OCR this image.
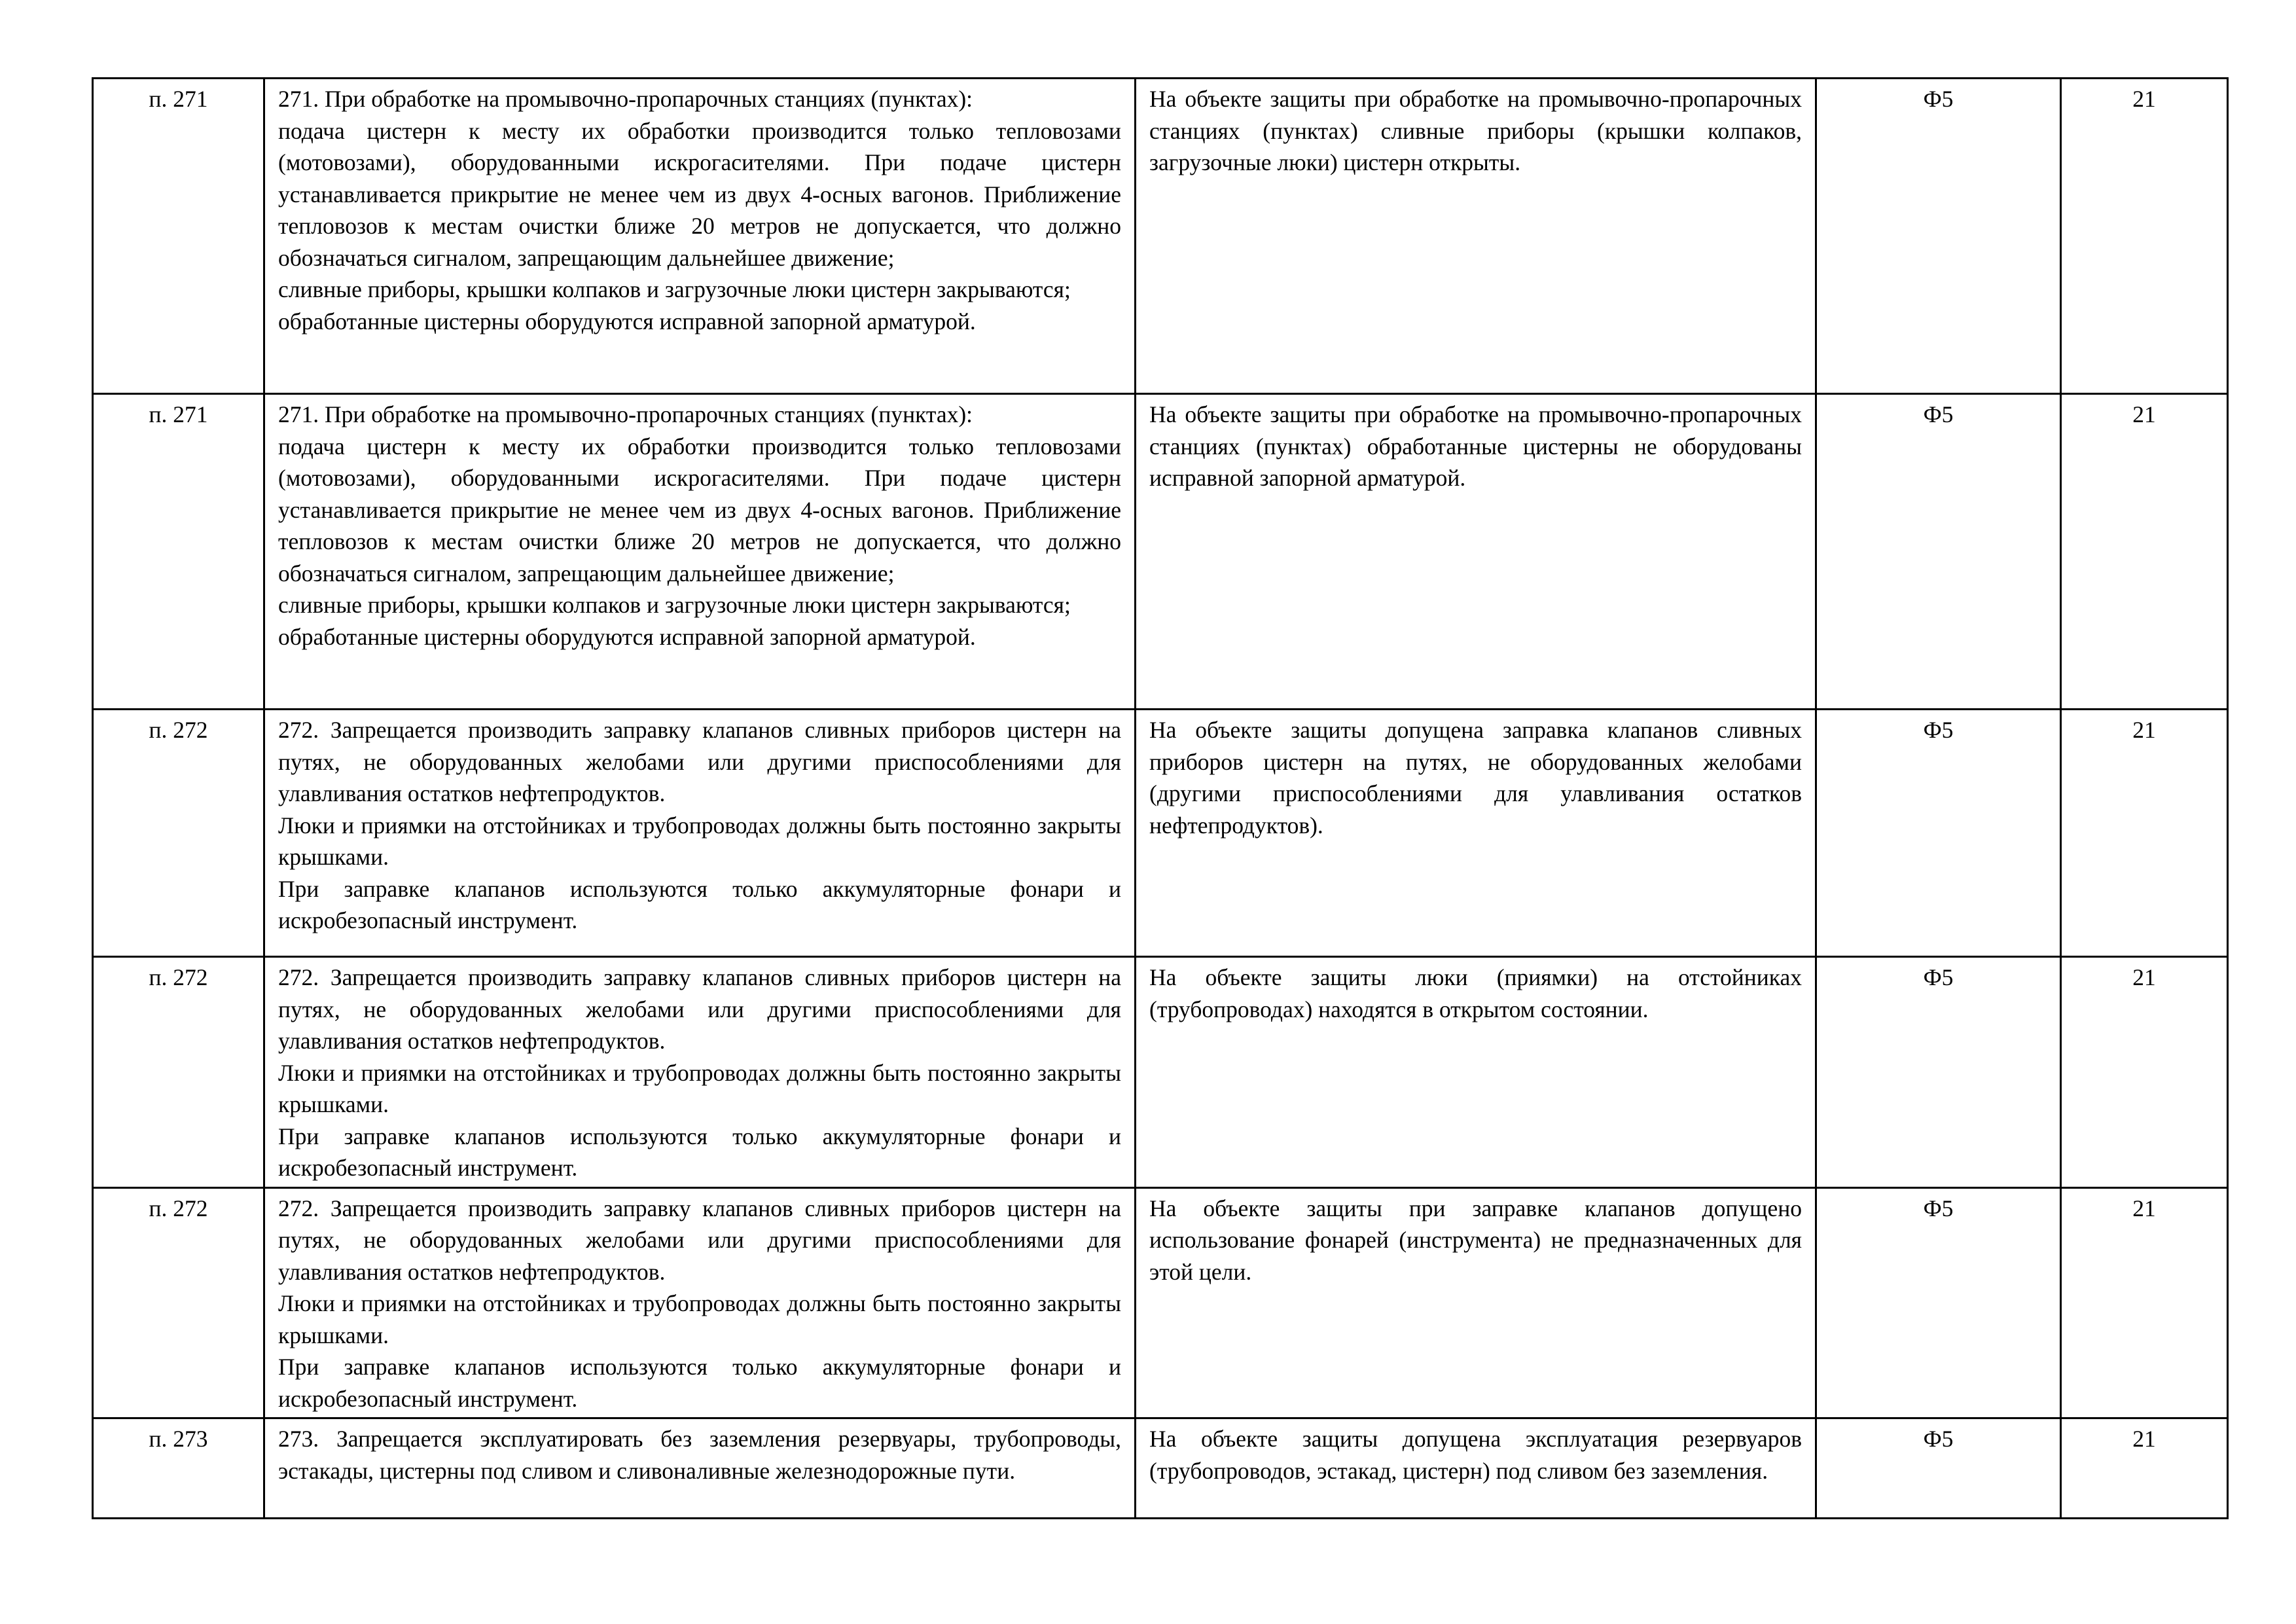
п. 271	271. При обработке на промывочно-пропарочных станциях (пунктах):
подача цистерн к месту их обработки производится только тепловозами (мотовозами), оборудованными искрогасителями. При подаче цистерн устанавливается прикрытие не менее чем из двух 4-осных вагонов. Приближение тепловозов к местам очистки ближе 20 метров не допускается, что должно обозначаться сигналом, запрещающим дальнейшее движение;
сливные приборы, крышки колпаков и загрузочные люки цистерн закрываются;
обработанные цистерны оборудуются исправной запорной арматурой.	На объекте защиты при обработке на промывочно-пропарочных станциях (пунктах) сливные приборы (крышки колпаков, загрузочные люки) цистерн открыты.	Ф5	21
п. 271	271. При обработке на промывочно-пропарочных станциях (пунктах):
подача цистерн к месту их обработки производится только тепловозами (мотовозами), оборудованными искрогасителями. При подаче цистерн устанавливается прикрытие не менее чем из двух 4-осных вагонов. Приближение тепловозов к местам очистки ближе 20 метров не допускается, что должно обозначаться сигналом, запрещающим дальнейшее движение;
сливные приборы, крышки колпаков и загрузочные люки цистерн закрываются;
обработанные цистерны оборудуются исправной запорной арматурой.	На объекте защиты при обработке на промывочно-пропарочных станциях (пунктах) обработанные цистерны не оборудованы исправной запорной арматурой.	Ф5	21
п. 272	272. Запрещается производить заправку клапанов сливных приборов цистерн на путях, не оборудованных желобами или другими приспособлениями для улавливания остатков нефтепродуктов.
Люки и приямки на отстойниках и трубопроводах должны быть постоянно закрыты крышками.
При заправке клапанов используются только аккумуляторные фонари и искробезопасный инструмент.	На объекте защиты допущена заправка клапанов сливных приборов цистерн на путях, не оборудованных желобами (другими приспособлениями для улавливания остатков нефтепродуктов).	Ф5	21
п. 272	272. Запрещается производить заправку клапанов сливных приборов цистерн на путях, не оборудованных желобами или другими приспособлениями для улавливания остатков нефтепродуктов.
Люки и приямки на отстойниках и трубопроводах должны быть постоянно закрыты крышками.
При заправке клапанов используются только аккумуляторные фонари и искробезопасный инструмент.	На объекте защиты люки (приямки) на отстойниках (трубопроводах) находятся в открытом состоянии.	Ф5	21
п. 272	272. Запрещается производить заправку клапанов сливных приборов цистерн на путях, не оборудованных желобами или другими приспособлениями для улавливания остатков нефтепродуктов.
Люки и приямки на отстойниках и трубопроводах должны быть постоянно закрыты крышками.
При заправке клапанов используются только аккумуляторные фонари и искробезопасный инструмент.	На объекте защиты при заправке клапанов допущено использование фонарей (инструмента) не предназначенных для этой цели.	Ф5	21
п. 273	273. Запрещается эксплуатировать без заземления резервуары, трубопроводы, эстакады, цистерны под сливом и сливоналивные железнодорожные пути.	На объекте защиты допущена эксплуатация резервуаров (трубопроводов, эстакад, цистерн) под сливом без заземления.	Ф5	21
